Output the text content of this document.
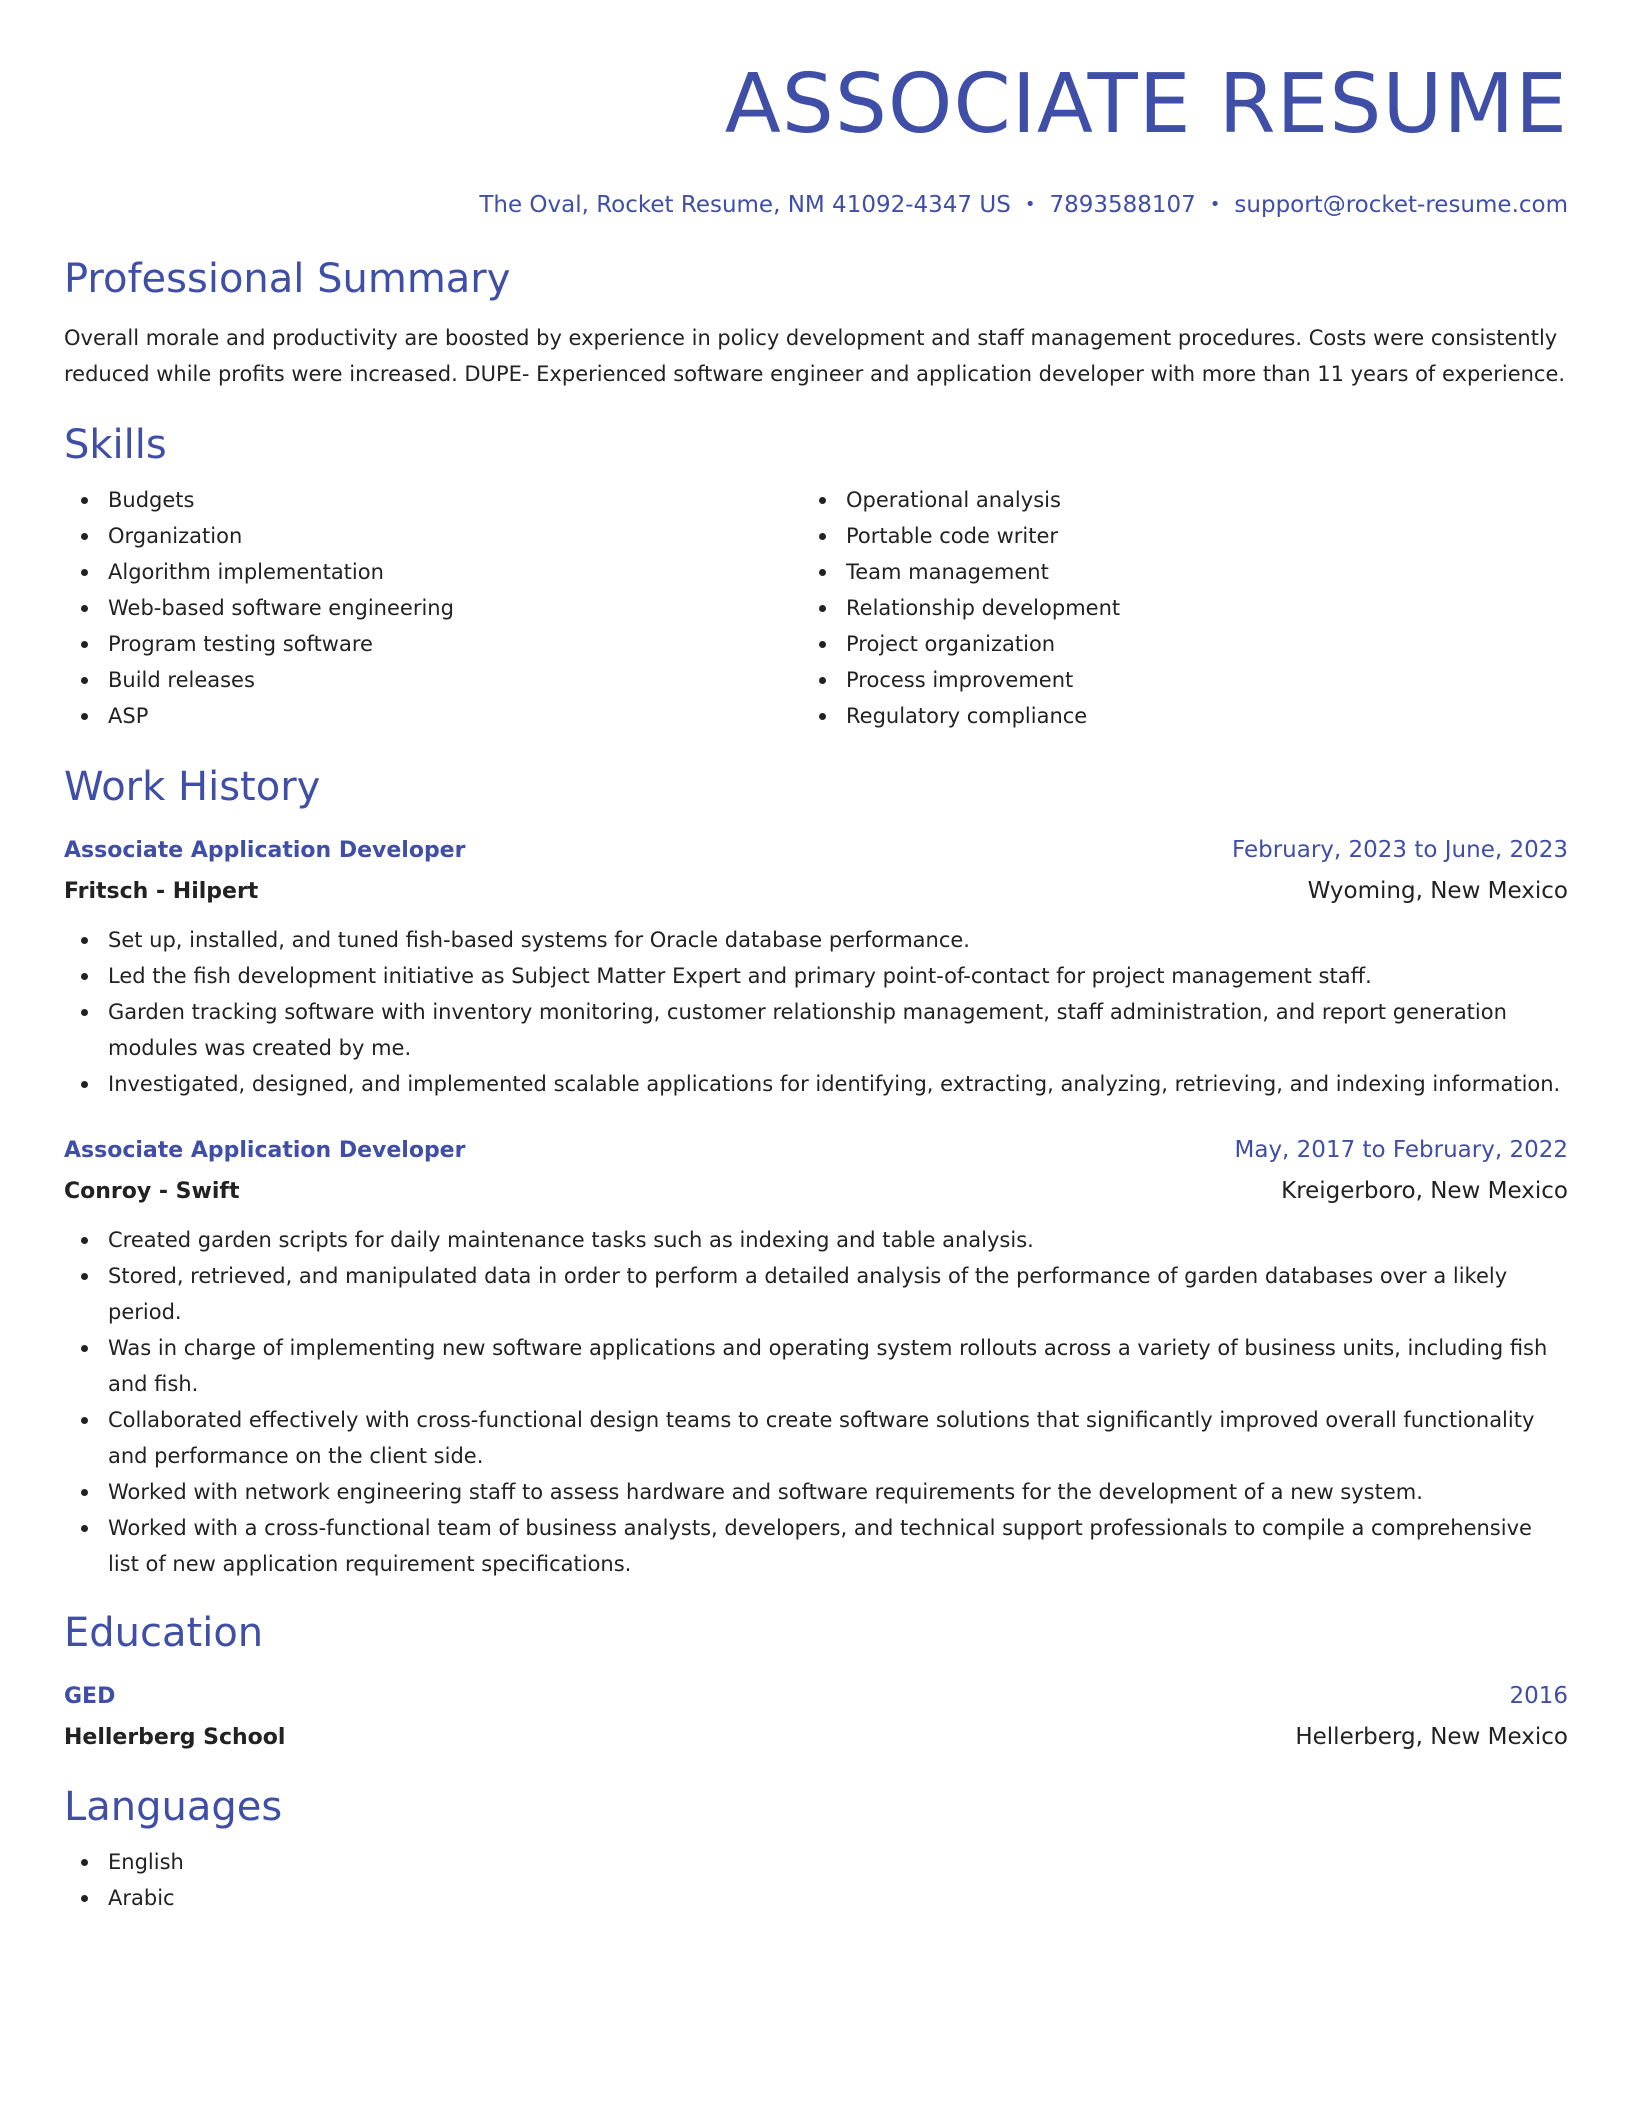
ASSOCIATE RESUME
The Oval, Rocket Resume, NM 41092-4347 US • 7893588107 • support@rocket-resume.com
Professional Summary

Overall morale and productivity are boosted by experience in policy development and staff management procedures. Costs were consistently reduced while profits were increased. DUPE- Experienced software engineer and application developer with more than 11 years of experience.

Skills
Budgets
Organization
Algorithm implementation
Web-based software engineering
Program testing software
Build releases
ASP
Operational analysis
Portable code writer
Team management
Relationship development
Project organization
Process improvement
Regulatory compliance
Work History
Associate Application Developer	February, 2023 to June, 2023
Fritsch - Hilpert	Wyoming, New Mexico
Set up, installed, and tuned fish-based systems for Oracle database performance.
Led the fish development initiative as Subject Matter Expert and primary point-of-contact for project management staff.
Garden tracking software with inventory monitoring, customer relationship management, staff administration, and report generation modules was created by me.
Investigated, designed, and implemented scalable applications for identifying, extracting, analyzing, retrieving, and indexing information.
Associate Application Developer	May, 2017 to February, 2022
Conroy - Swift	Kreigerboro, New Mexico
Created garden scripts for daily maintenance tasks such as indexing and table analysis.
Stored, retrieved, and manipulated data in order to perform a detailed analysis of the performance of garden databases over a likely period.
Was in charge of implementing new software applications and operating system rollouts across a variety of business units, including fish and fish.
Collaborated effectively with cross-functional design teams to create software solutions that significantly improved overall functionality and performance on the client side.
Worked with network engineering staff to assess hardware and software requirements for the development of a new system.
Worked with a cross-functional team of business analysts, developers, and technical support professionals to compile a comprehensive list of new application requirement specifications.
Education
GED	2016
Hellerberg School	Hellerberg, New Mexico
Languages
English
Arabic
